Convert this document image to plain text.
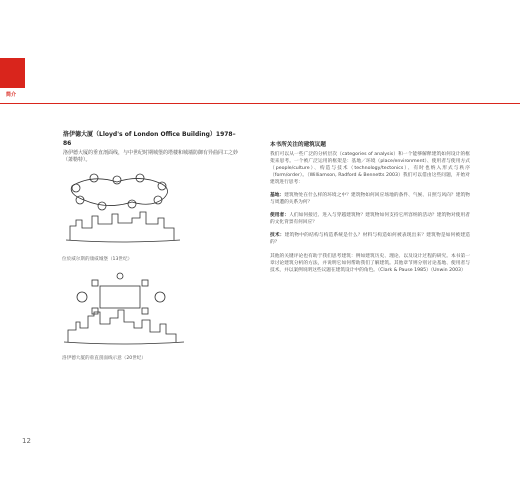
简介

洛伊德大厦（Lloyd's of London Office Building）1978–86

洛伊德大厦的垂直剖面线，与中世纪时期城堡的塔楼和城墙防御有异曲同工之妙（萧勒特）。

位於威尔斯的康威城堡（13世纪）
洛伊德大厦的垂直剖面线示意（20世纪）

本书所关注的建筑议题

我们可以从一些广泛的分析层次（categories of analysis）和一个能够解释建筑如何设计的框架来思考。一个被广泛运用的框架是：基地／环境（place/environment）、使用者与使用方式（people/culture）、构造与技术（technology/tectonics）、有时也纳入形式与秩序（form/order）。（Williamson, Radford & Bennetts 2003）我们可以借由这些问题，开始对建筑进行思考：

基地：建筑物处在什么样的环境之中？建筑物如何回应场地的条件、气候、日照与风向？建筑物与周遭的关系为何？

使用者：人们如何接近、进入与穿越建筑物？建筑物如何支持它所容纳的活动？建筑物对使用者的文化背景有何回应？

技术：建筑物中的结构与构造系统是什么？材料与构造如何被表现出来？建筑物是如何被建造的？

其他的关键评论也有助于我们思考建筑：例如建筑历史、理论、以及设计过程的研究。本书第一章讨论建筑分析的方法，并说明它如何帮助我们了解建筑。其他章节则分别讨论基地、使用者与技术，并以案例说明这些议题在建筑设计中的角色。（Clark & Pause 1985）（Unwin 2003）

12
